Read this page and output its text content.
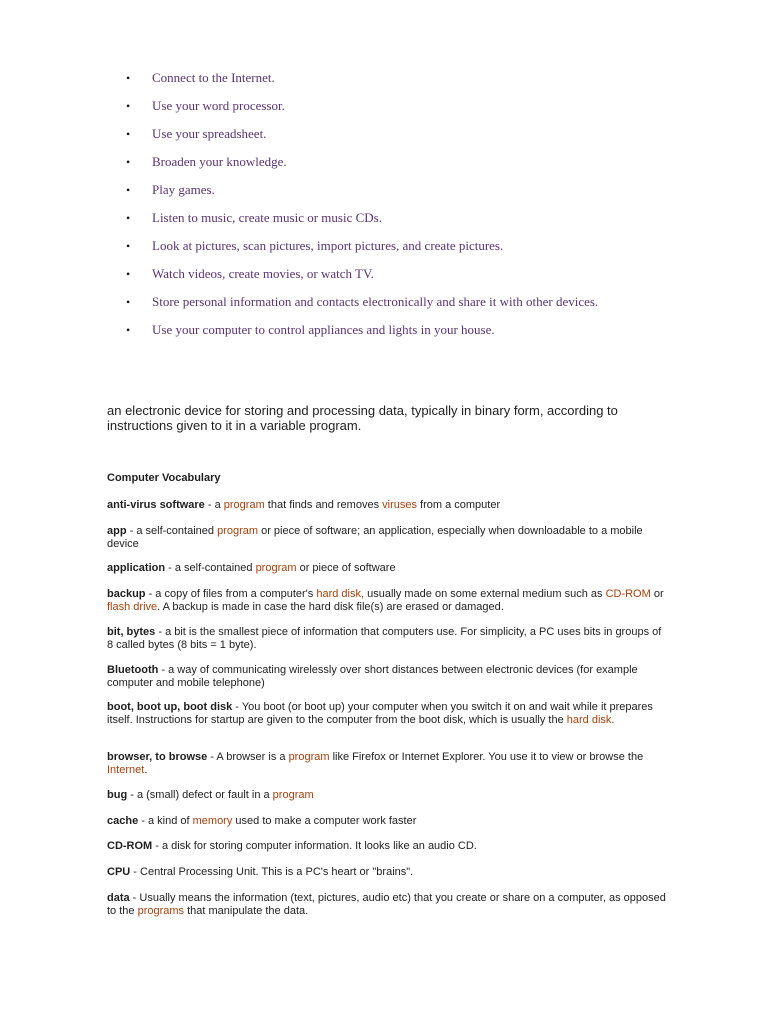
• Connect to the Internet.
• Use your word processor.
• Use your spreadsheet.
• Broaden your knowledge.
• Play games.
• Listen to music, create music or music CDs.
• Look at pictures, scan pictures, import pictures, and create pictures.
• Watch videos, create movies, or watch TV.
• Store personal information and contacts electronically and share it with other devices.
• Use your computer to control appliances and lights in your house.

an electronic device for storing and processing data, typically in binary form, according to instructions given to it in a variable program.

Computer Vocabulary

anti-virus software - a program that finds and removes viruses from a computer

app - a self-contained program or piece of software; an application, especially when downloadable to a mobile device

application - a self-contained program or piece of software

backup - a copy of files from a computer's hard disk, usually made on some external medium such as CD-ROM or flash drive. A backup is made in case the hard disk file(s) are erased or damaged.

bit, bytes - a bit is the smallest piece of information that computers use. For simplicity, a PC uses bits in groups of 8 called bytes (8 bits = 1 byte).

Bluetooth - a way of communicating wirelessly over short distances between electronic devices (for example computer and mobile telephone)

boot, boot up, boot disk - You boot (or boot up) your computer when you switch it on and wait while it prepares itself. Instructions for startup are given to the computer from the boot disk, which is usually the hard disk.

browser, to browse - A browser is a program like Firefox or Internet Explorer. You use it to view or browse the Internet.

bug - a (small) defect or fault in a program

cache - a kind of memory used to make a computer work faster

CD-ROM - a disk for storing computer information. It looks like an audio CD.

CPU - Central Processing Unit. This is a PC's heart or "brains".

data - Usually means the information (text, pictures, audio etc) that you create or share on a computer, as opposed to the programs that manipulate the data.
